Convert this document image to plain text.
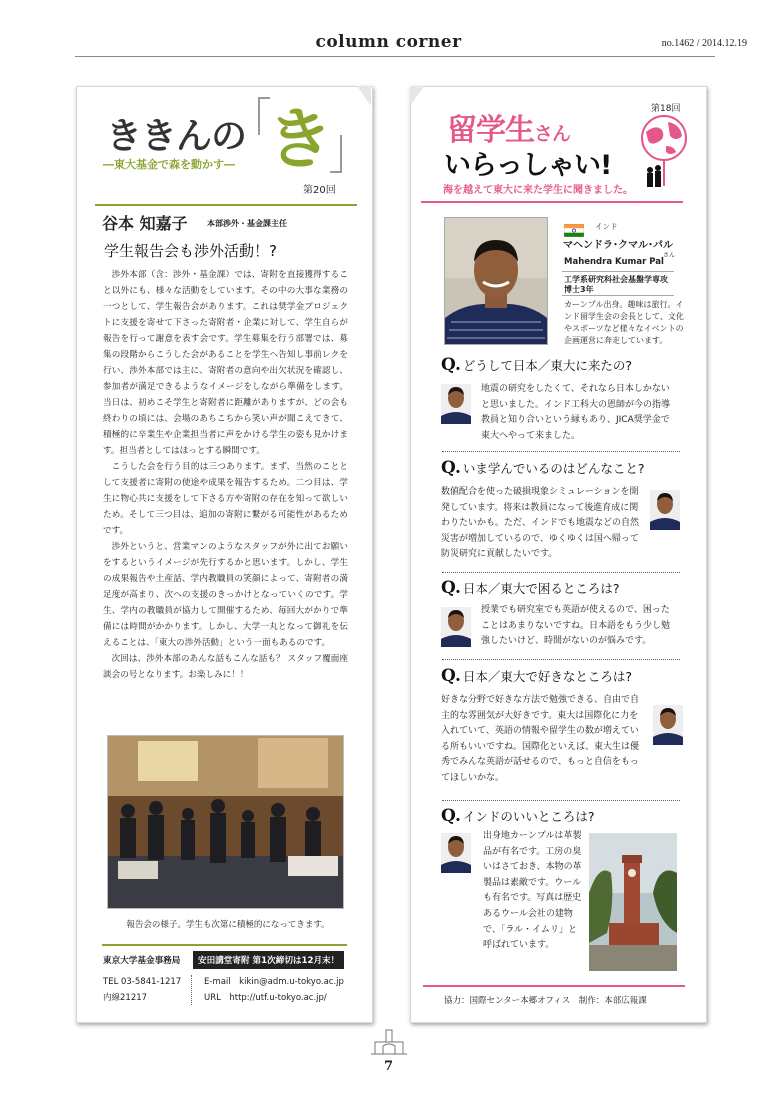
column corner	no.1462 / 2014.12.19
ききんの き
―東大基金で森を動かす―
第20回
谷本 知嘉子 本部渉外・基金課主任
学生報告会も渉外活動！?

渉外本部（含：渉外・基金課）では、寄附を直接獲得すること以外にも、様々な活動をしています。その中の大事な業務の一つとして、学生報告会があります。これは奨学金プロジェクトに支援を寄せて下さった寄附者・企業に対して、学生自らが報告を行って謝意を表す会です。学生募集を行う部署では、募集の段階からこうした会があることを学生へ告知し事前レクを行い、渉外本部では主に、寄附者の意向や出欠状況を確認し、参加者が満足できるようなイメージをしながら準備をします。当日は、初めこそ学生と寄附者に距離がありますが、どの会も終わりの頃には、会場のあちこちから笑い声が聞こえてきて、積極的に卒業生や企業担当者に声をかける学生の姿も見かけます。担当者としてはほっとする瞬間です。

こうした会を行う目的は三つあります。まず、当然のこととして支援者に寄附の使途や成果を報告するため。二つ目は、学生に物心共に支援をして下さる方や寄附の存在を知って欲しいため。そして三つ目は、追加の寄附に繋がる可能性があるためです。

渉外というと、営業マンのようなスタッフが外に出てお願いをするというイメージが先行するかと思います。しかし、学生の成果報告や土産話、学内教職員の笑顔によって、寄附者の満足度が高まり、次への支援のきっかけとなっていくのです。学生、学内の教職員が協力して開催するため、毎回大がかりで準備には時間がかかります。しかし、大学一丸となって御礼を伝えることは、「東大の渉外活動」という一面もあるのです。

次回は、渉外本部のあんな話もこんな話も？ スタッフ覆面座談会の号となります。お楽しみに！！

報告会の様子。学生も次第に積極的になってきます。
東京大学基金事務局	安田講堂寄附 第1次締切は12月末！
TEL 03-5841-1217
内線21217
E-mail　kikin@adm.u-tokyo.ac.jp
URL　http://utf.u-tokyo.ac.jp/
第18回
留学生さん
いらっしゃい!
海を越えて東大に来た学生に聞きました。
インド
マヘンドラ･クマル･パル
さん
Mahendra Kumar Pal
工学系研究科社会基盤学専攻
博士3年
カーンプル出身。趣味は旅行。インド留学生会の会長として、文化やスポーツなど様々なイベントの企画運営に奔走しています。
Q. どうして日本／東大に来たの?
地震の研究をしたくて、それなら日本しかないと思いました。インド工科大の恩師が今の指導教員と知り合いという縁もあり、JICA奨学金で東大へやって来ました。
Q. いま学んでいるのはどんなこと?
数値配合を使った破損現象シミュレーションを開発しています。将来は教員になって後進育成に関わりたいかも。ただ、インドでも地震などの自然災害が増加しているので、ゆくゆくは国へ帰って防災研究に貢献したいです。
Q. 日本／東大で困るところは?
授業でも研究室でも英語が使えるので、困ったことはあまりないですね。日本語をもう少し勉強したいけど、時間がないのが悩みです。
Q. 日本／東大で好きなところは?
好きな分野で好きな方法で勉強できる、自由で自主的な雰囲気が大好きです。東大は国際化に力を入れていて、英語の情報や留学生の数が増えている所もいいですね。国際化といえば、東大生は優秀でみんな英語が話せるので、もっと自信をもってほしいかな。
Q. インドのいいところは?
出身地カーンプルは革製品が有名です。工房の臭いはさておき、本物の革製品は素敵です。ウールも有名です。写真は歴史あるウール会社の建物で、「ラル・イムリ」と呼ばれています。
協力：国際センター本郷オフィス　制作：本部広報課
7
